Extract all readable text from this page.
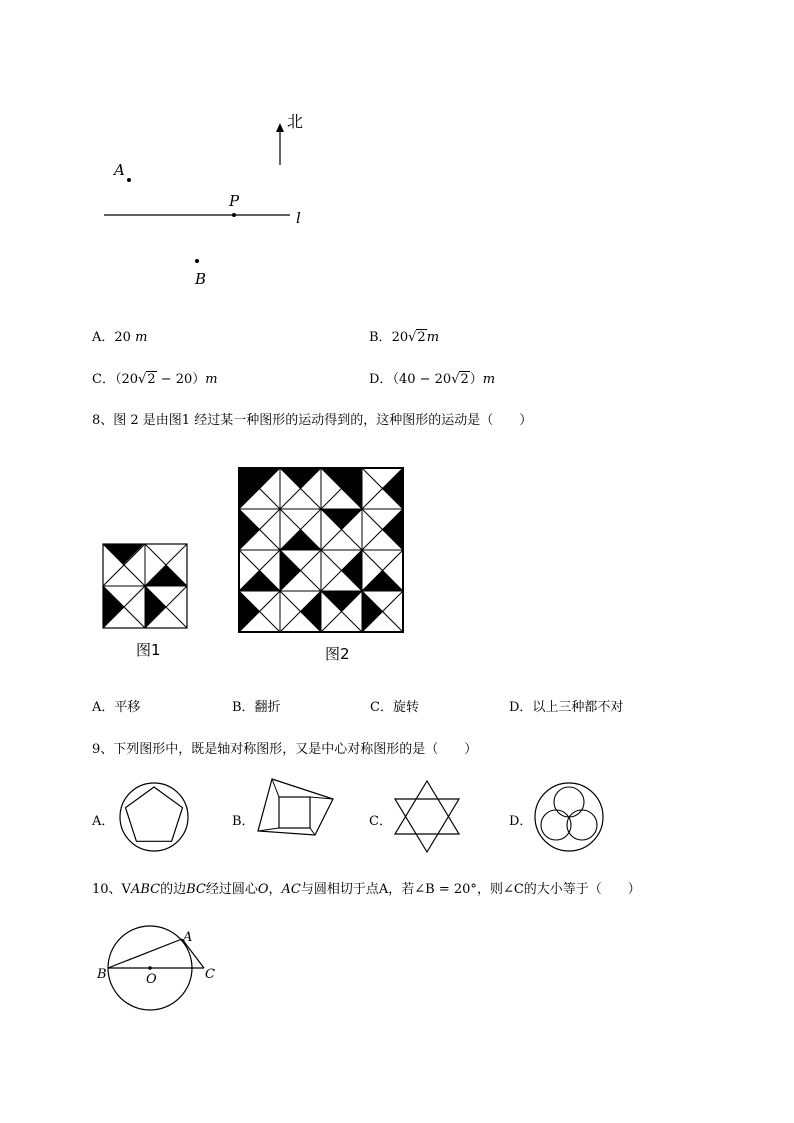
北
A
P
B
l
A．20 m	B．20√2m
C．（20√2 − 20）m	D．（40 − 20√2）m
8、图 2 是由图1 经过某一种图形的运动得到的，这种图形的运动是（　　）
图1	图2
A．平移	B．翻折	C．旋转	D．以上三种都不对
9、下列图形中，既是轴对称图形，又是中心对称图形的是（　　）
A．	B．	C．	D．
10、VABC的边BC经过圆心O，AC与圆相切于点A，若∠B = 20°，则∠C的大小等于（　　）
A
B	O	C
